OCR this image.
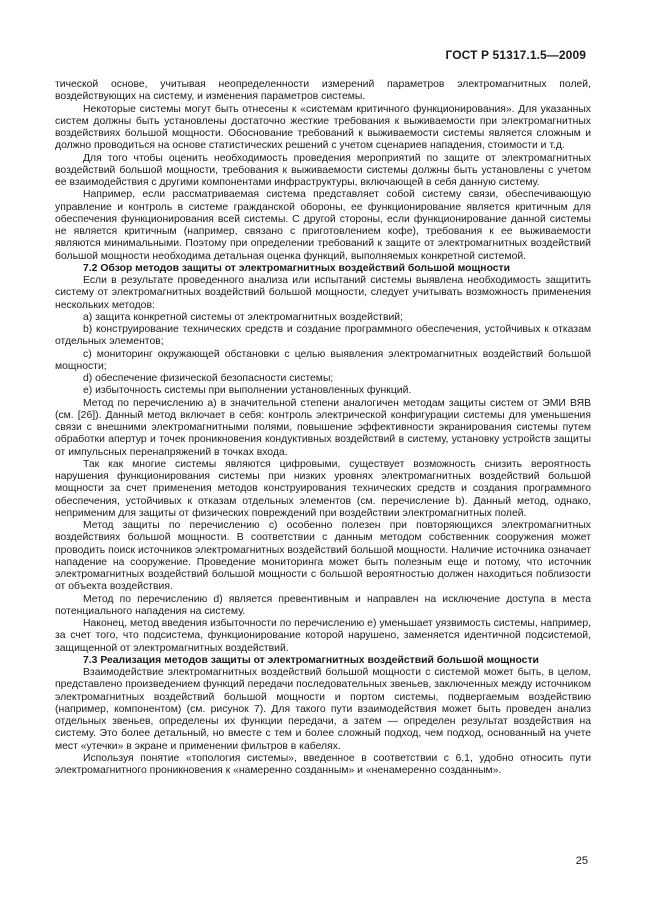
ГОСТ Р 51317.1.5—2009

тической основе, учитывая неопределенности измерений параметров электромагнитных полей, воздействующих на систему, и изменения параметров системы.

Некоторые системы могут быть отнесены к «системам критичного функционирования». Для указанных систем должны быть установлены достаточно жесткие требования к выживаемости при электромагнитных воздействиях большой мощности. Обоснование требований к выживаемости системы является сложным и должно проводиться на основе статистических решений с учетом сценариев нападения, стоимости и т.д.

Для того чтобы оценить необходимость проведения мероприятий по защите от электромагнитных воздействий большой мощности, требования к выживаемости системы должны быть установлены с учетом ее взаимодействия с другими компонентами инфраструктуры, включающей в себя данную систему.

Например, если рассматриваемая система представляет собой систему связи, обеспечивающую управление и контроль в системе гражданской обороны, ее функционирование является критичным для обеспечения функционирования всей системы. С другой стороны, если функционирование данной системы не является критичным (например, связано с приготовлением кофе), требования к ее выживаемости являются минимальными. Поэтому при определении требований к защите от электромагнитных воздействий большой мощности необходима детальная оценка функций, выполняемых конкретной системой.

7.2 Обзор методов защиты от электромагнитных воздействий большой мощности

Если в результате проведенного анализа или испытаний системы выявлена необходимость защитить систему от электромагнитных воздействий большой мощности, следует учитывать возможность применения нескольких методов:

a) защита конкретной системы от электромагнитных воздействий;

b) конструирование технических средств и создание программного обеспечения, устойчивых к отказам отдельных элементов;

c) мониторинг окружающей обстановки с целью выявления электромагнитных воздействий большой мощности;

d) обеспечение физической безопасности системы;

e) избыточность системы при выполнении установленных функций.

Метод по перечислению a) в значительной степени аналогичен методам защиты систем от ЭМИ ВЯВ (см. [26]). Данный метод включает в себя: контроль электрической конфигурации системы для уменьшения связи с внешними электромагнитными полями, повышение эффективности экранирования системы путем обработки апертур и точек проникновения кондуктивных воздействий в систему, установку устройств защиты от импульсных перенапряжений в точках входа.

Так как многие системы являются цифровыми, существует возможность снизить вероятность нарушения функционирования системы при низких уровнях электромагнитных воздействий большой мощности за счет применения методов конструирования технических средств и создания программного обеспечения, устойчивых к отказам отдельных элементов (см. перечисление b). Данный метод, однако, неприменим для защиты от физических повреждений при воздействии электромагнитных полей.

Метод защиты по перечислению c) особенно полезен при повторяющихся электромагнитных воздействиях большой мощности. В соответствии с данным методом собственник сооружения может проводить поиск источников электромагнитных воздействий большой мощности. Наличие источника означает нападение на сооружение. Проведение мониторинга может быть полезным еще и потому, что источник электромагнитных воздействий большой мощности с большой вероятностью должен находиться поблизости от объекта воздействия.

Метод по перечислению d) является превентивным и направлен на исключение доступа в места потенциального нападения на систему.

Наконец, метод введения избыточности по перечислению e) уменьшает уязвимость системы, например, за счет того, что подсистема, функционирование которой нарушено, заменяется идентичной подсистемой, защищенной от электромагнитных воздействий.

7.3 Реализация методов защиты от электромагнитных воздействий большой мощности

Взаимодействие электромагнитных воздействий большой мощности с системой может быть, в целом, представлено произведением функций передачи последовательных звеньев, заключенных между источником электромагнитных воздействий большой мощности и портом системы, подвергаемым воздействию (например, компонентом) (см. рисунок 7). Для такого пути взаимодействия может быть проведен анализ отдельных звеньев, определены их функции передачи, а затем — определен результат воздействия на систему. Это более детальный, но вместе с тем и более сложный подход, чем подход, основанный на учете мест «утечки» в экране и применении фильтров в кабелях.

Используя понятие «топология системы», введенное в соответствии с 6.1, удобно относить пути электромагнитного проникновения к «намеренно созданным» и «ненамеренно созданным».

25
